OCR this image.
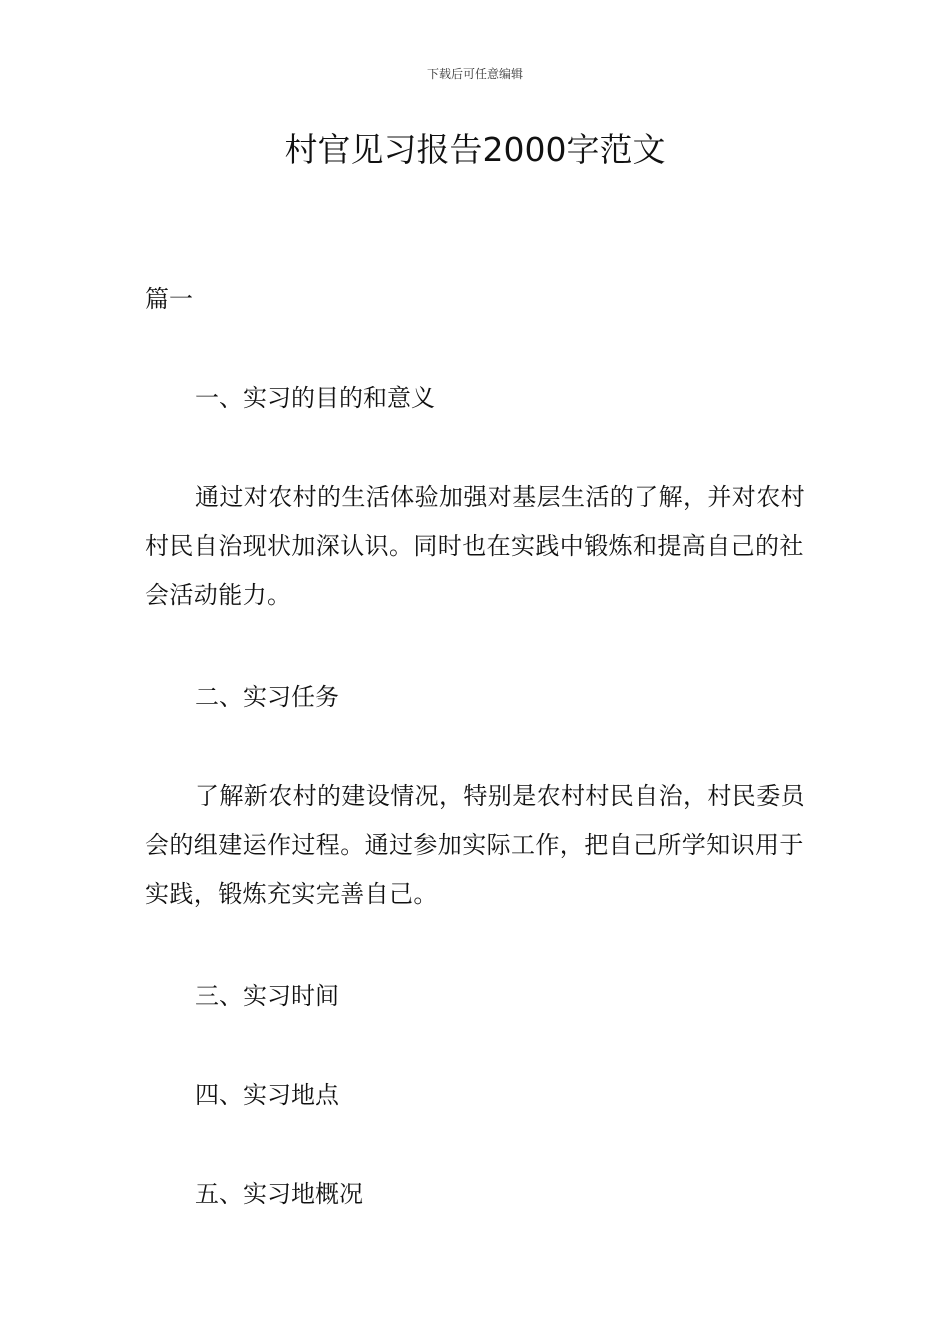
下载后可任意编辑
村官见习报告2000字范文

篇一

一、实习的目的和意义

通过对农村的生活体验加强对基层生活的了解，并对农村村民自治现状加深认识。同时也在实践中锻炼和提高自己的社会活动能力。

二、实习任务

了解新农村的建设情况，特别是农村村民自治，村民委员会的组建运作过程。通过参加实际工作，把自己所学知识用于实践，锻炼充实完善自己。

三、实习时间

四、实习地点

五、实习地概况
